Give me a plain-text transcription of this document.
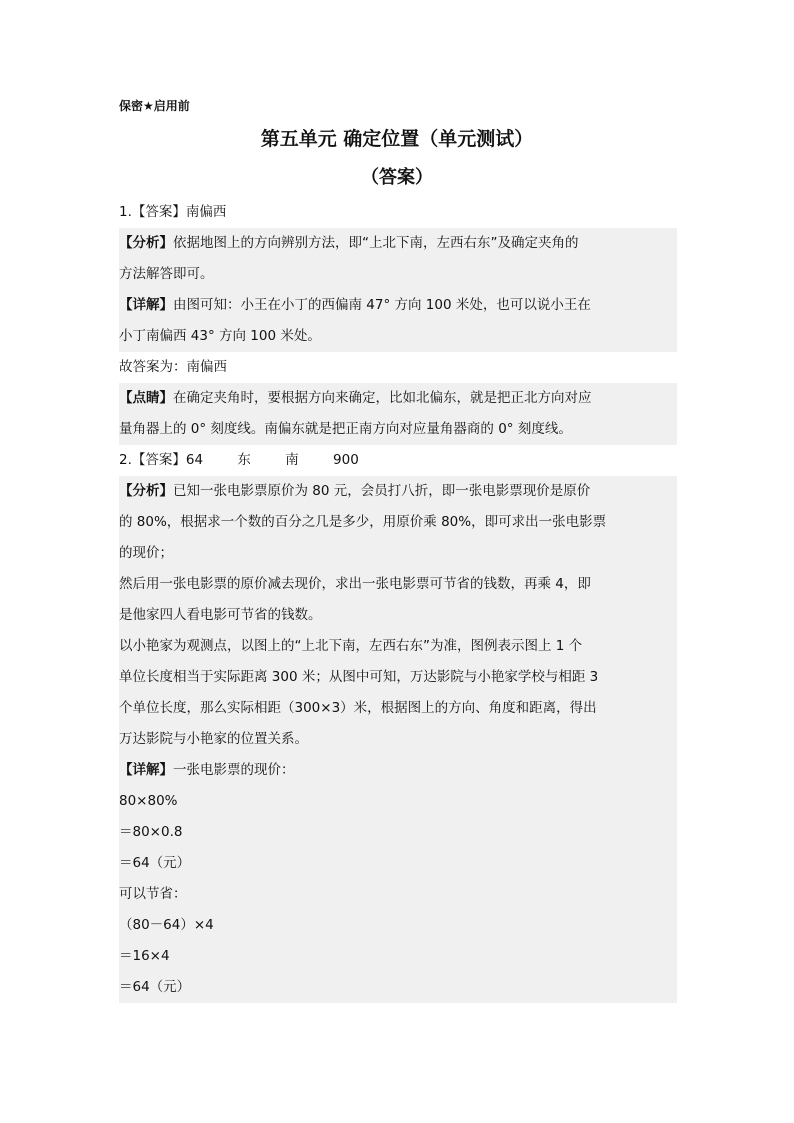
保密★启用前
第五单元 确定位置（单元测试）
（答案）
1.【答案】南偏西
【分析】依据地图上的方向辨别方法，即“上北下南，左西右东”及确定夹角的
方法解答即可。
【详解】由图可知：小王在小丁的西偏南 47° 方向 100 米处，也可以说小王在
小丁南偏西 43° 方向 100 米处。
故答案为：南偏西
【点睛】在确定夹角时，要根据方向来确定，比如北偏东，就是把正北方向对应
量角器上的 0° 刻度线。南偏东就是把正南方向对应量角器商的 0° 刻度线。
2.【答案】64        东        南        900
【分析】已知一张电影票原价为 80 元，会员打八折，即一张电影票现价是原价
的 80%，根据求一个数的百分之几是多少，用原价乘 80%，即可求出一张电影票
的现价；
然后用一张电影票的原价减去现价，求出一张电影票可节省的钱数，再乘 4，即
是他家四人看电影可节省的钱数。
以小艳家为观测点，以图上的“上北下南，左西右东”为准，图例表示图上 1 个
单位长度相当于实际距离 300 米；从图中可知，万达影院与小艳家学校与相距 3
个单位长度，那么实际相距（300×3）米，根据图上的方向、角度和距离，得出
万达影院与小艳家的位置关系。
【详解】一张电影票的现价：
80×80%
＝80×0.8
＝64（元）
可以节省：
（80－64）×4
＝16×4
＝64（元）
